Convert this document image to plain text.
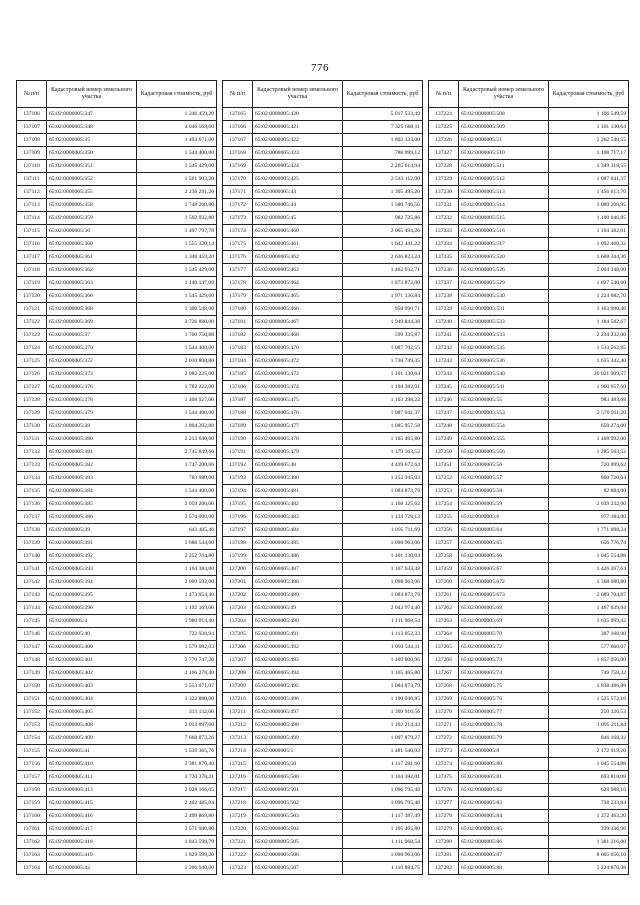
776
№ п/п	Кадастровый номер земельного участка	Кадастровая стоимость, руб
137106	65:02:0000005:347	1 346 459,20
137107	65:02:0000005:348	4 046 568,60
137108	65:02:0000005:35	1 493 671,00
137109	65:02:0000005:350	1 544 400,00
137110	65:02:0000005:351	1 545 429,60
137111	65:02:0000005:352	1 561 903,20
137112	65:02:0000005:355	2 236 291,20
137113	65:02:0000005:358	1 748 260,80
137114	65:02:0000005:359	1 562 932,80
137115	65:02:0000005:36	1 497 797,78
137116	65:02:0000005:360	1 555 320,14
137117	65:02:0000005:361	1 346 459,20
137118	65:02:0000005:362	1 545 429,60
137119	65:02:0000005:363	1 140 147,08
137120	65:02:0000005:366	1 545 429,60
137121	65:02:0000005:368	1 300 548,00
137122	65:02:0000005:369	2 726 880,00
137123	65:02:0000005:37	1 700 750,88
137124	65:02:0000005:370	1 544 400,00
137125	65:02:0000005:372	2 010 808,80
137126	65:02:0000005:373	2 082 225,60
137127	65:02:0000005:376	1 782 222,00
137128	65:02:0000005:378	1 408 927,00
137129	65:02:0000005:379	1 544 400,00
137130	65:02:0000005:38	1 804 202,88
137131	65:02:0000005:380	2 213 640,00
137132	65:02:0000005:381	2 745 849,66
137133	65:02:0000005:382	1 747 200,06
137134	65:02:0000005:383	783 980,00
137135	65:02:0000005:384	1 544 400,00
137136	65:02:0000005:385	2 059 200,00
137137	65:02:0000005:386	2 574 000,00
137138	65:02:0000005:39	643 405,46
137139	65:02:0000005:391	1 688 544,00
137140	65:02:0000005:392	2 252 764,80
137141	65:02:0000005:393	1 164 384,00
137142	65:02:0000005:394	2 009 592,00
137143	65:02:0000005:395	1 473 954,40
137144	65:02:0000005:396	1 192 169,00
137145	65:02:0000005:4	1 980 014,40
137146	65:02:0000005:40	722 938,94
137147	65:02:0000005:400	1 579 082,03
137148	65:02:0000005:401	2 770 747,20
137149	65:02:0000005:402	2 166 278,40
137150	65:02:0000005:403	1 553 071,07
137151	65:02:0000005:404	1 322 880,00
137152	65:02:0000005:405	313 132,00
137153	65:02:0000005:408	2 013 897,60
137154	65:02:0000005:409	7 668 873,26
137155	65:02:0000005:41	1 539 365,76
137156	65:02:0000005:410	2 381 870,40
137157	65:02:0000005:411	3 720 378,21
137158	65:02:0000005:413	2 028 166,05
137159	65:02:0000005:415	2 402 485,04
137160	65:02:0000005:416	2 499 868,80
137161	65:02:0000005:417	2 571 940,80
137162	65:02:0000005:418	1 843 598,79
137163	65:02:0000005:419	1 829 599,20
137164	65:02:0000005:42	1 206 940,00
№ п/п	Кадастровый номер земельного участка	Кадастровая стоимость, руб
137165	65:02:0000005:420	5 017 533,49
137166	65:02:0000005:421	7 325 668,11
137167	65:02:0000005:422	1 802 123,00
137168	65:02:0000005:423	788 999,12
137169	65:02:0000005:424	2 265 614,94
137170	65:02:0000005:425	2 543 112,00
137171	65:02:0000005:43	1 305 495,20
137172	65:02:0000005:44	1 580 746,56
137173	65:02:0000005:45	982 725,86
137174	65:02:0000005:460	2 065 494,26
137175	65:02:0000005:461	1 642 441,22
137176	65:02:0000005:462	2 636 823,24
137177	65:02:0000005:463	1 462 032,71
137178	65:02:0000005:464	1 873 872,00
137179	65:02:0000005:465	1 971 136,84
137180	65:02:0000005:466	958 090,71
137181	65:02:0000005:467	1 949 844,38
137182	65:02:0000005:468	599 335,87
137183	65:02:0000005:470	1 087 702,55
137184	65:02:0000005:472	1 730 749,35
137185	65:02:0000005:473	1 101 130,64
137186	65:02:0000005:474	1 104 382,01
137187	65:02:0000005:475	1 103 298,22
137188	65:02:0000005:476	1 087 041,37
137189	65:02:0000005:477	1 085 957,58
137190	65:02:0000005:478	1 105 465,80
137191	65:02:0000005:479	1 179 163,52
137192	65:02:0000005:48	4 439 672,64
137193	65:02:0000005:480	1 253 945,03
137194	65:02:0000005:481	1 084 873,79
137195	65:02:0000005:482	1 168 325,62
137196	65:02:0000005:483	1 134 728,13
137197	65:02:0000005:484	1 095 711,69
137198	65:02:0000005:485	1 098 963,06
137199	65:02:0000005:486	1 101 130,64
137200	65:02:0000005:487	1 107 633,38
137201	65:02:0000005:488	1 098 963,06
137202	65:02:0000005:489	1 084 873,79
137203	65:02:0000005:49	2 043 974,40
137204	65:02:0000005:490	1 111 968,54
137205	65:02:0000005:491	1 113 052,33
137206	65:02:0000005:492	1 093 544,11
137207	65:02:0000005:493	1 109 800,96
137208	65:02:0000005:494	1 105 465,80
137209	65:02:0000005:495	1 084 873,79
137210	65:02:0000005:496	1 100 046,85
137211	65:02:0000005:497	1 369 910,56
137212	65:02:0000005:498	1 102 214,43
137213	65:02:0000005:499	1 097 879,27
137214	65:02:0000005:5	1 481 540,93
137215	65:02:0000005:50	1 117 281,60
137216	65:02:0000005:500	1 104 382,01
137217	65:02:0000005:501	1 096 795,48
137218	65:02:0000005:502	1 096 795,48
137219	65:02:0000005:503	1 117 387,49
137220	65:02:0000005:504	1 105 465,80
137221	65:02:0000005:505	1 111 968,54
137222	65:02:0000005:506	1 098 963,06
137223	65:02:0000005:507	1 110 884,75
№ п/п	Кадастровый номер земельного участка	Кадастровая стоимость, руб
137224	65:02:0000005:508	1 106 549,59
137225	65:02:0000005:509	1 101 130,64
137226	65:02:0000005:51	2 262 548,55
137227	65:02:0000005:510	1 108 717,17
137228	65:02:0000005:511	1 349 318,55
137229	65:02:0000005:512	1 087 041,37
137230	65:02:0000005:513	1 456 613,76
137231	65:02:0000005:514	1 089 208,95
137232	65:02:0000005:515	1 100 046,85
137233	65:02:0000005:516	1 104 382,01
137234	65:02:0000005:517	1 092 460,32
137235	65:02:0000005:520	1 608 344,36
137236	65:02:0000005:526	2 064 348,00
137237	65:02:0000005:529	1 827 540,00
137238	65:02:0000005:530	1 224 682,70
137239	65:02:0000005:531	1 163 990,46
137240	65:02:0000005:533	1 184 582,67
137241	65:02:0000005:533	2 234 232,00
137242	65:02:0000005:535	1 533 562,85
137243	65:02:0000005:536	1 615 442,40
137244	65:02:0000005:540	26 021 909,57
137245	65:02:0000005:541	1 960 657,60
137246	65:02:0000005:55	983 483,68
137247	65:02:0000005:553	2 570 911,20
137248	65:02:0000005:554	650 274,00
137249	65:02:0000005:555	1 408 992,00
137250	65:02:0000005:556	1 285 563,52
137251	65:02:0000005:56	720 899,62
137252	65:02:0000005:57	860 720,64
137253	65:02:0000005:58	82 884,00
137254	65:02:0000005:59	2 039 232,00
137255	65:02:0000005:6	977 184,00
137256	65:02:0000005:64	1 771 098,24
137257	65:02:0000005:65	656 776,74
137258	65:02:0000005:66	1 045 554,88
137259	65:02:0000005:67	1 426 267,64
137260	65:02:0000005:672	1 368 080,80
137261	65:02:0000005:673	2 689 704,87
137262	65:02:0000005:68	1 467 639,04
137263	65:02:0000005:69	1 635 099,42
137264	65:02:0000005:70	307 168,00
137265	65:02:0000005:72	577 660,07
137266	65:02:0000005:73	1 857 056,00
137267	65:02:0000005:74	749 758,32
137268	65:02:0000005:75	1 838 486,88
137269	65:02:0000005:76	1 525 572,16
137270	65:02:0000005:77	250 326,53
137271	65:02:0000005:78	1 095 211,84
137272	65:02:0000005:79	846 168,32
137273	65:02:0000005:8	2 172 019,20
137274	65:02:0000005:80	1 045 554,88
137275	65:02:0000005:81	693 818,08
137276	65:02:0000005:82	628 988,16
137277	65:02:0000005:83	738 233,84
137278	65:02:0000005:84	1 372 463,20
137279	65:02:0000005:85	339 336,96
137280	65:02:0000005:86	1 381 216,00
137281	65:02:0000005:87	8 605 656,10
137282	65:02:0000005:88	5 224 870,38
